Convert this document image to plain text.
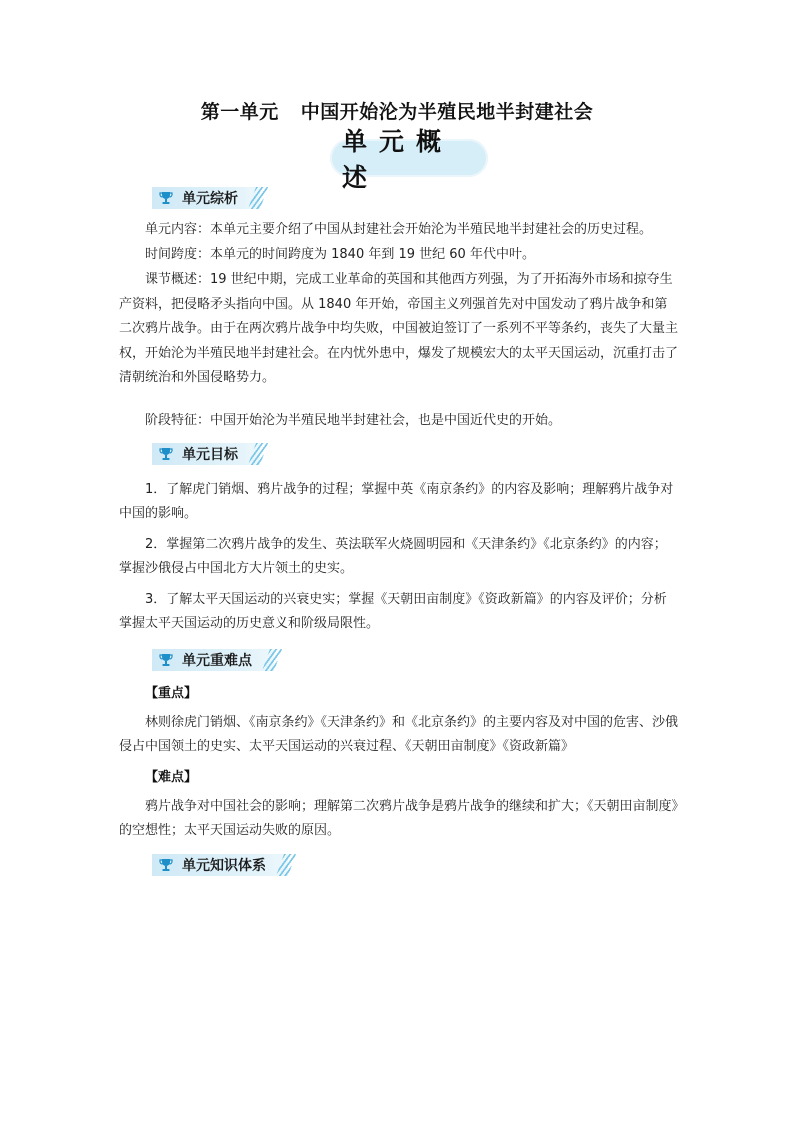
第一单元 中国开始沦为半殖民地半封建社会
单元概述
单元综析
单元内容：本单元主要介绍了中国从封建社会开始沦为半殖民地半封建社会的历史过程。
时间跨度：本单元的时间跨度为 1840 年到 19 世纪 60 年代中叶。
课节概述：19 世纪中期，完成工业革命的英国和其他西方列强，为了开拓海外市场和掠夺生产资料，把侵略矛头指向中国。从 1840 年开始，帝国主义列强首先对中国发动了鸦片战争和第二次鸦片战争。由于在两次鸦片战争中均失败，中国被迫签订了一系列不平等条约，丧失了大量主权，开始沦为半殖民地半封建社会。在内忧外患中，爆发了规模宏大的太平天国运动，沉重打击了清朝统治和外国侵略势力。
阶段特征：中国开始沦为半殖民地半封建社会，也是中国近代史的开始。
单元目标
1．了解虎门销烟、鸦片战争的过程；掌握中英《南京条约》的内容及影响；理解鸦片战争对中国的影响。
2．掌握第二次鸦片战争的发生、英法联军火烧圆明园和《天津条约》《北京条约》的内容；掌握沙俄侵占中国北方大片领土的史实。
3．了解太平天国运动的兴衰史实；掌握《天朝田亩制度》《资政新篇》的内容及评价；分析掌握太平天国运动的历史意义和阶级局限性。
单元重难点
【重点】
林则徐虎门销烟、《南京条约》《天津条约》和《北京条约》的主要内容及对中国的危害、沙俄侵占中国领土的史实、太平天国运动的兴衰过程、《天朝田亩制度》《资政新篇》
【难点】
鸦片战争对中国社会的影响；理解第二次鸦片战争是鸦片战争的继续和扩大；《天朝田亩制度》的空想性；太平天国运动失败的原因。
单元知识体系
